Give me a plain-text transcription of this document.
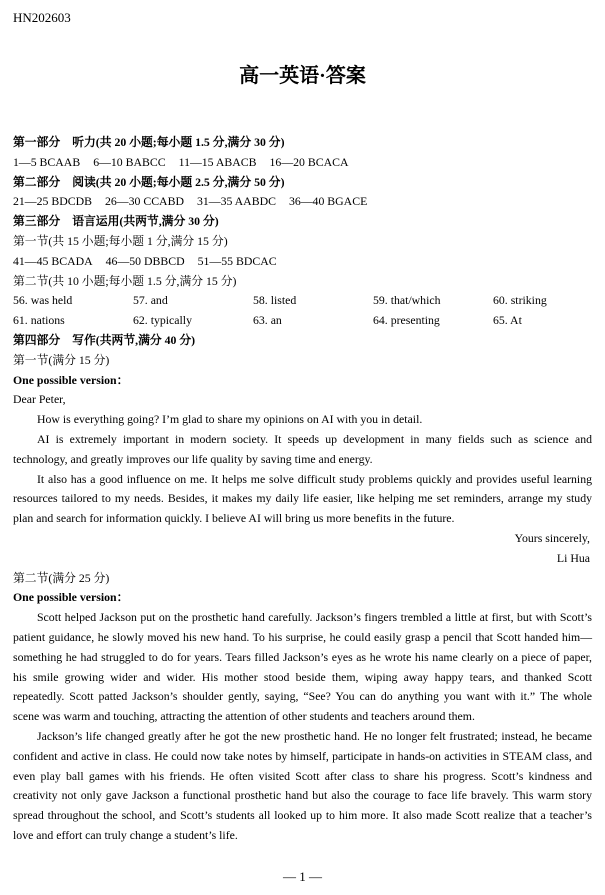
HN202603
高一英语·答案
第一部分 听力(共 20 小题;每小题 1.5 分,满分 30 分)
1—5 BCAAB 6—10 BABCC 11—15 ABACB 16—20 BCACA
第二部分 阅读(共 20 小题;每小题 2.5 分,满分 50 分)
21—25 BDCDB 26—30 CCABD 31—35 AABDC 36—40 BGACE
第三部分 语言运用(共两节,满分 30 分)
第一节(共 15 小题;每小题 1 分,满分 15 分)
41—45 BCADA 46—50 DBBCD 51—55 BDCAC
第二节(共 10 小题;每小题 1.5 分,满分 15 分)
56. was held	57. and	58. listed	59. that/which	60. striking
61. nations	62. typically	63. an	64. presenting	65. At
第四部分 写作(共两节,满分 40 分)
第一节(满分 15 分)
One possible version：
Dear Peter,
How is everything going? I’m glad to share my opinions on AI with you in detail.
AI is extremely important in modern society. It speeds up development in many fields such as science and
technology, and greatly improves our life quality by saving time and energy.
It also has a good influence on me. It helps me solve difficult study problems quickly and provides useful learning
resources tailored to my needs. Besides, it makes my daily life easier, like helping me set reminders, arrange my study
plan and search for information quickly. I believe AI will bring us more benefits in the future.
Yours sincerely,
Li Hua
第二节(满分 25 分)
One possible version：
Scott helped Jackson put on the prosthetic hand carefully. Jackson’s fingers trembled a little at first, but with Scott’s
patient guidance, he slowly moved his new hand. To his surprise, he could easily grasp a pencil that Scott handed him—
something he had struggled to do for years. Tears filled Jackson’s eyes as he wrote his name clearly on a piece of paper,
his smile growing wider and wider. His mother stood beside them, wiping away happy tears, and thanked Scott
repeatedly. Scott patted Jackson’s shoulder gently, saying, “See? You can do anything you want with it.” The whole
scene was warm and touching, attracting the attention of other students and teachers around them.
Jackson’s life changed greatly after he got the new prosthetic hand. He no longer felt frustrated; instead, he became
confident and active in class. He could now take notes by himself, participate in hands-on activities in STEAM class, and
even play ball games with his friends. He often visited Scott after class to share his progress. Scott’s kindness and
creativity not only gave Jackson a functional prosthetic hand but also the courage to face life bravely. This warm story
spread throughout the school, and Scott’s students all looked up to him more. It also made Scott realize that a teacher’s
love and effort can truly change a student’s life.
— 1 —
